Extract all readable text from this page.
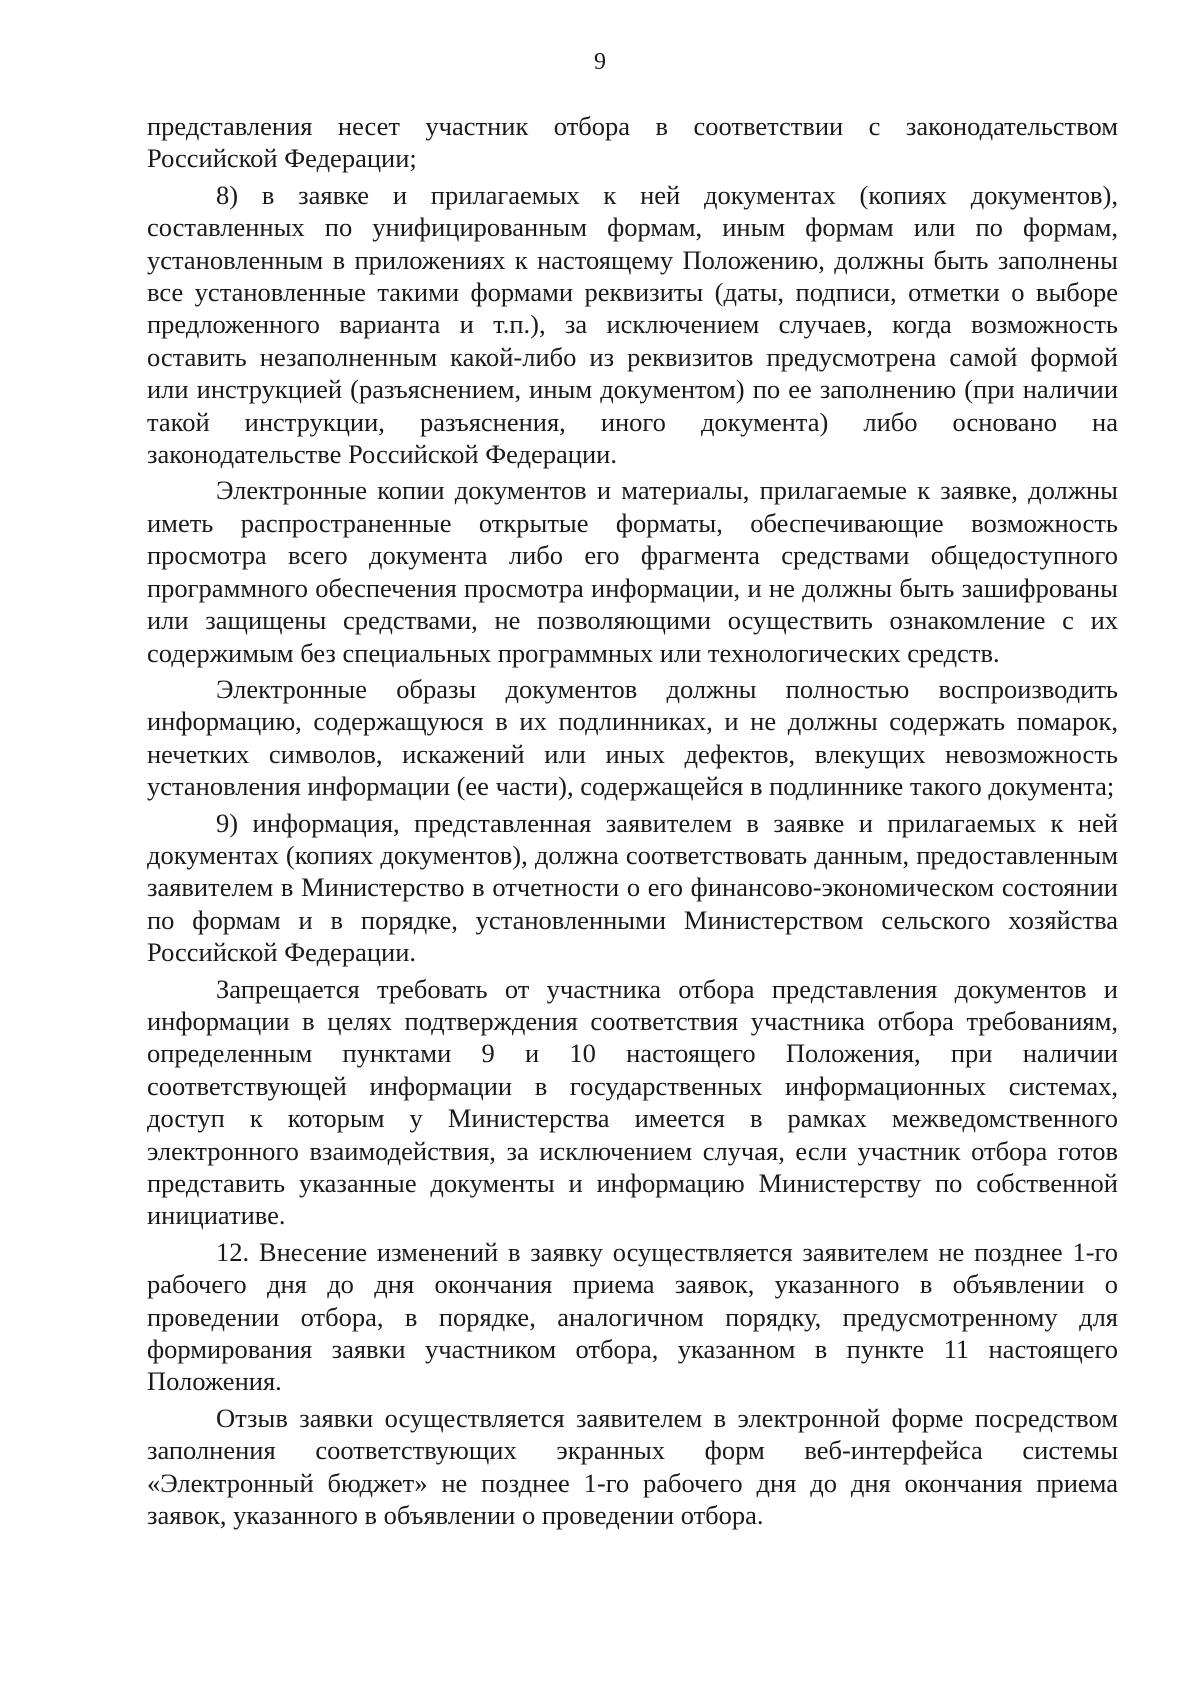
9

представления несет участник отбора в соответствии с законодательством Российской Федерации;

8) в заявке и прилагаемых к ней документах (копиях документов), составленных по унифицированным формам, иным формам или по формам, установленным в приложениях к настоящему Положению, должны быть заполнены все установленные такими формами реквизиты (даты, подписи, отметки о выборе предложенного варианта и т.п.), за исключением случаев, когда возможность оставить незаполненным какой-либо из реквизитов предусмотрена самой формой или инструкцией (разъяснением, иным документом) по ее заполнению (при наличии такой инструкции, разъяснения, иного документа) либо основано на законодательстве Российской Федерации.

Электронные копии документов и материалы, прилагаемые к заявке, должны иметь распространенные открытые форматы, обеспечивающие возможность просмотра всего документа либо его фрагмента средствами общедоступного программного обеспечения просмотра информации, и не должны быть зашифрованы или защищены средствами, не позволяющими осуществить ознакомление с их содержимым без специальных программных или технологических средств.

Электронные образы документов должны полностью воспроизводить информацию, содержащуюся в их подлинниках, и не должны содержать помарок, нечетких символов, искажений или иных дефектов, влекущих невозможность установления информации (ее части), содержащейся в подлиннике такого документа;

9) информация, представленная заявителем в заявке и прилагаемых к ней документах (копиях документов), должна соответствовать данным, предоставленным заявителем в Министерство в отчетности о его финансово-экономическом состоянии по формам и в порядке, установленными Министерством сельского хозяйства Российской Федерации.

Запрещается требовать от участника отбора представления документов и информации в целях подтверждения соответствия участника отбора требованиям, определенным пунктами 9 и 10 настоящего Положения, при наличии соответствующей информации в государственных информационных системах, доступ к которым у Министерства имеется в рамках межведомственного электронного взаимодействия, за исключением случая, если участник отбора готов представить указанные документы и информацию Министерству по собственной инициативе.

12. Внесение изменений в заявку осуществляется заявителем не позднее 1-го рабочего дня до дня окончания приема заявок, указанного в объявлении о проведении отбора, в порядке, аналогичном порядку, предусмотренному для формирования заявки участником отбора, указанном в пункте 11 настоящего Положения.

Отзыв заявки осуществляется заявителем в электронной форме посредством заполнения соответствующих экранных форм веб-интерфейса системы «Электронный бюджет» не позднее 1-го рабочего дня до дня окончания приема заявок, указанного в объявлении о проведении отбора.
